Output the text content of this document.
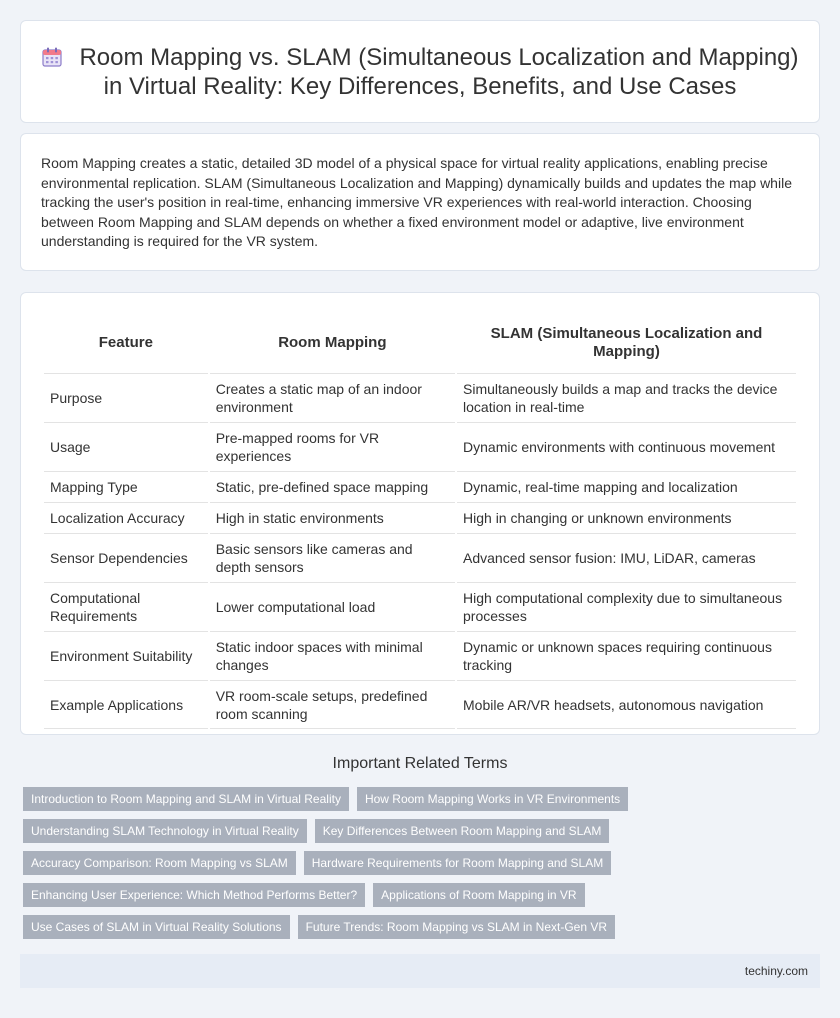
Room Mapping vs. SLAM (Simultaneous Localization and Mapping) in Virtual Reality: Key Differences, Benefits, and Use Cases

Room Mapping creates a static, detailed 3D model of a physical space for virtual reality applications, enabling precise environmental replication. SLAM (Simultaneous Localization and Mapping) dynamically builds and updates the map while tracking the user's position in real-time, enhancing immersive VR experiences with real-world interaction. Choosing between Room Mapping and SLAM depends on whether a fixed environment model or adaptive, live environment understanding is required for the VR system.

Feature	Room Mapping	SLAM (Simultaneous Localization and Mapping)
Purpose	Creates a static map of an indoor environment	Simultaneously builds a map and tracks the device location in real-time
Usage	Pre-mapped rooms for VR experiences	Dynamic environments with continuous movement
Mapping Type	Static, pre-defined space mapping	Dynamic, real-time mapping and localization
Localization Accuracy	High in static environments	High in changing or unknown environments
Sensor Dependencies	Basic sensors like cameras and depth sensors	Advanced sensor fusion: IMU, LiDAR, cameras
Computational Requirements	Lower computational load	High computational complexity due to simultaneous processes
Environment Suitability	Static indoor spaces with minimal changes	Dynamic or unknown spaces requiring continuous tracking
Example Applications	VR room-scale setups, predefined room scanning	Mobile AR/VR headsets, autonomous navigation
Important Related Terms
Introduction to Room Mapping and SLAM in Virtual Reality	How Room Mapping Works in VR Environments
Understanding SLAM Technology in Virtual Reality	Key Differences Between Room Mapping and SLAM
Accuracy Comparison: Room Mapping vs SLAM	Hardware Requirements for Room Mapping and SLAM
Enhancing User Experience: Which Method Performs Better?	Applications of Room Mapping in VR
Use Cases of SLAM in Virtual Reality Solutions	Future Trends: Room Mapping vs SLAM in Next-Gen VR
techiny.com
